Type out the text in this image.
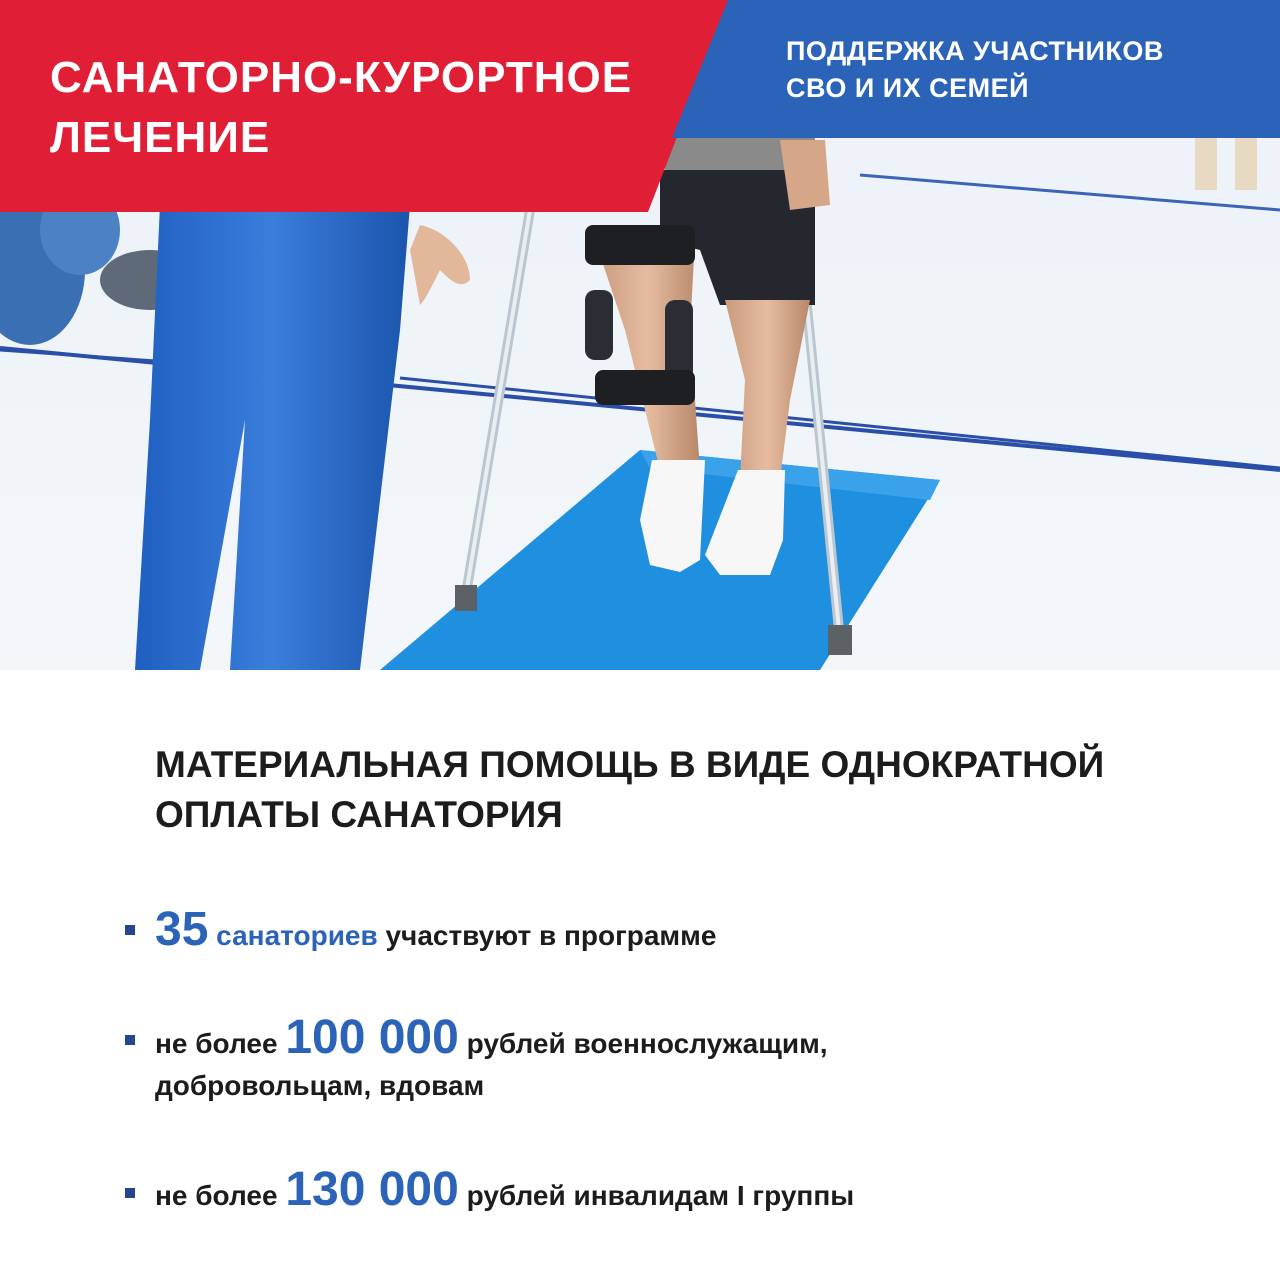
САНАТОРНО-КУРОРТНОЕ
ЛЕЧЕНИЕ
ПОДДЕРЖКА УЧАСТНИКОВ
СВО И ИХ СЕМЕЙ
МАТЕРИАЛЬНАЯ ПОМОЩЬ В ВИДЕ ОДНОКРАТНОЙ
ОПЛАТЫ САНАТОРИЯ

35 санаториев участвуют в программе

не более 100 000 рублей военнослужащим,

добровольцам, вдовам

не более 130 000 рублей инвалидам I группы
